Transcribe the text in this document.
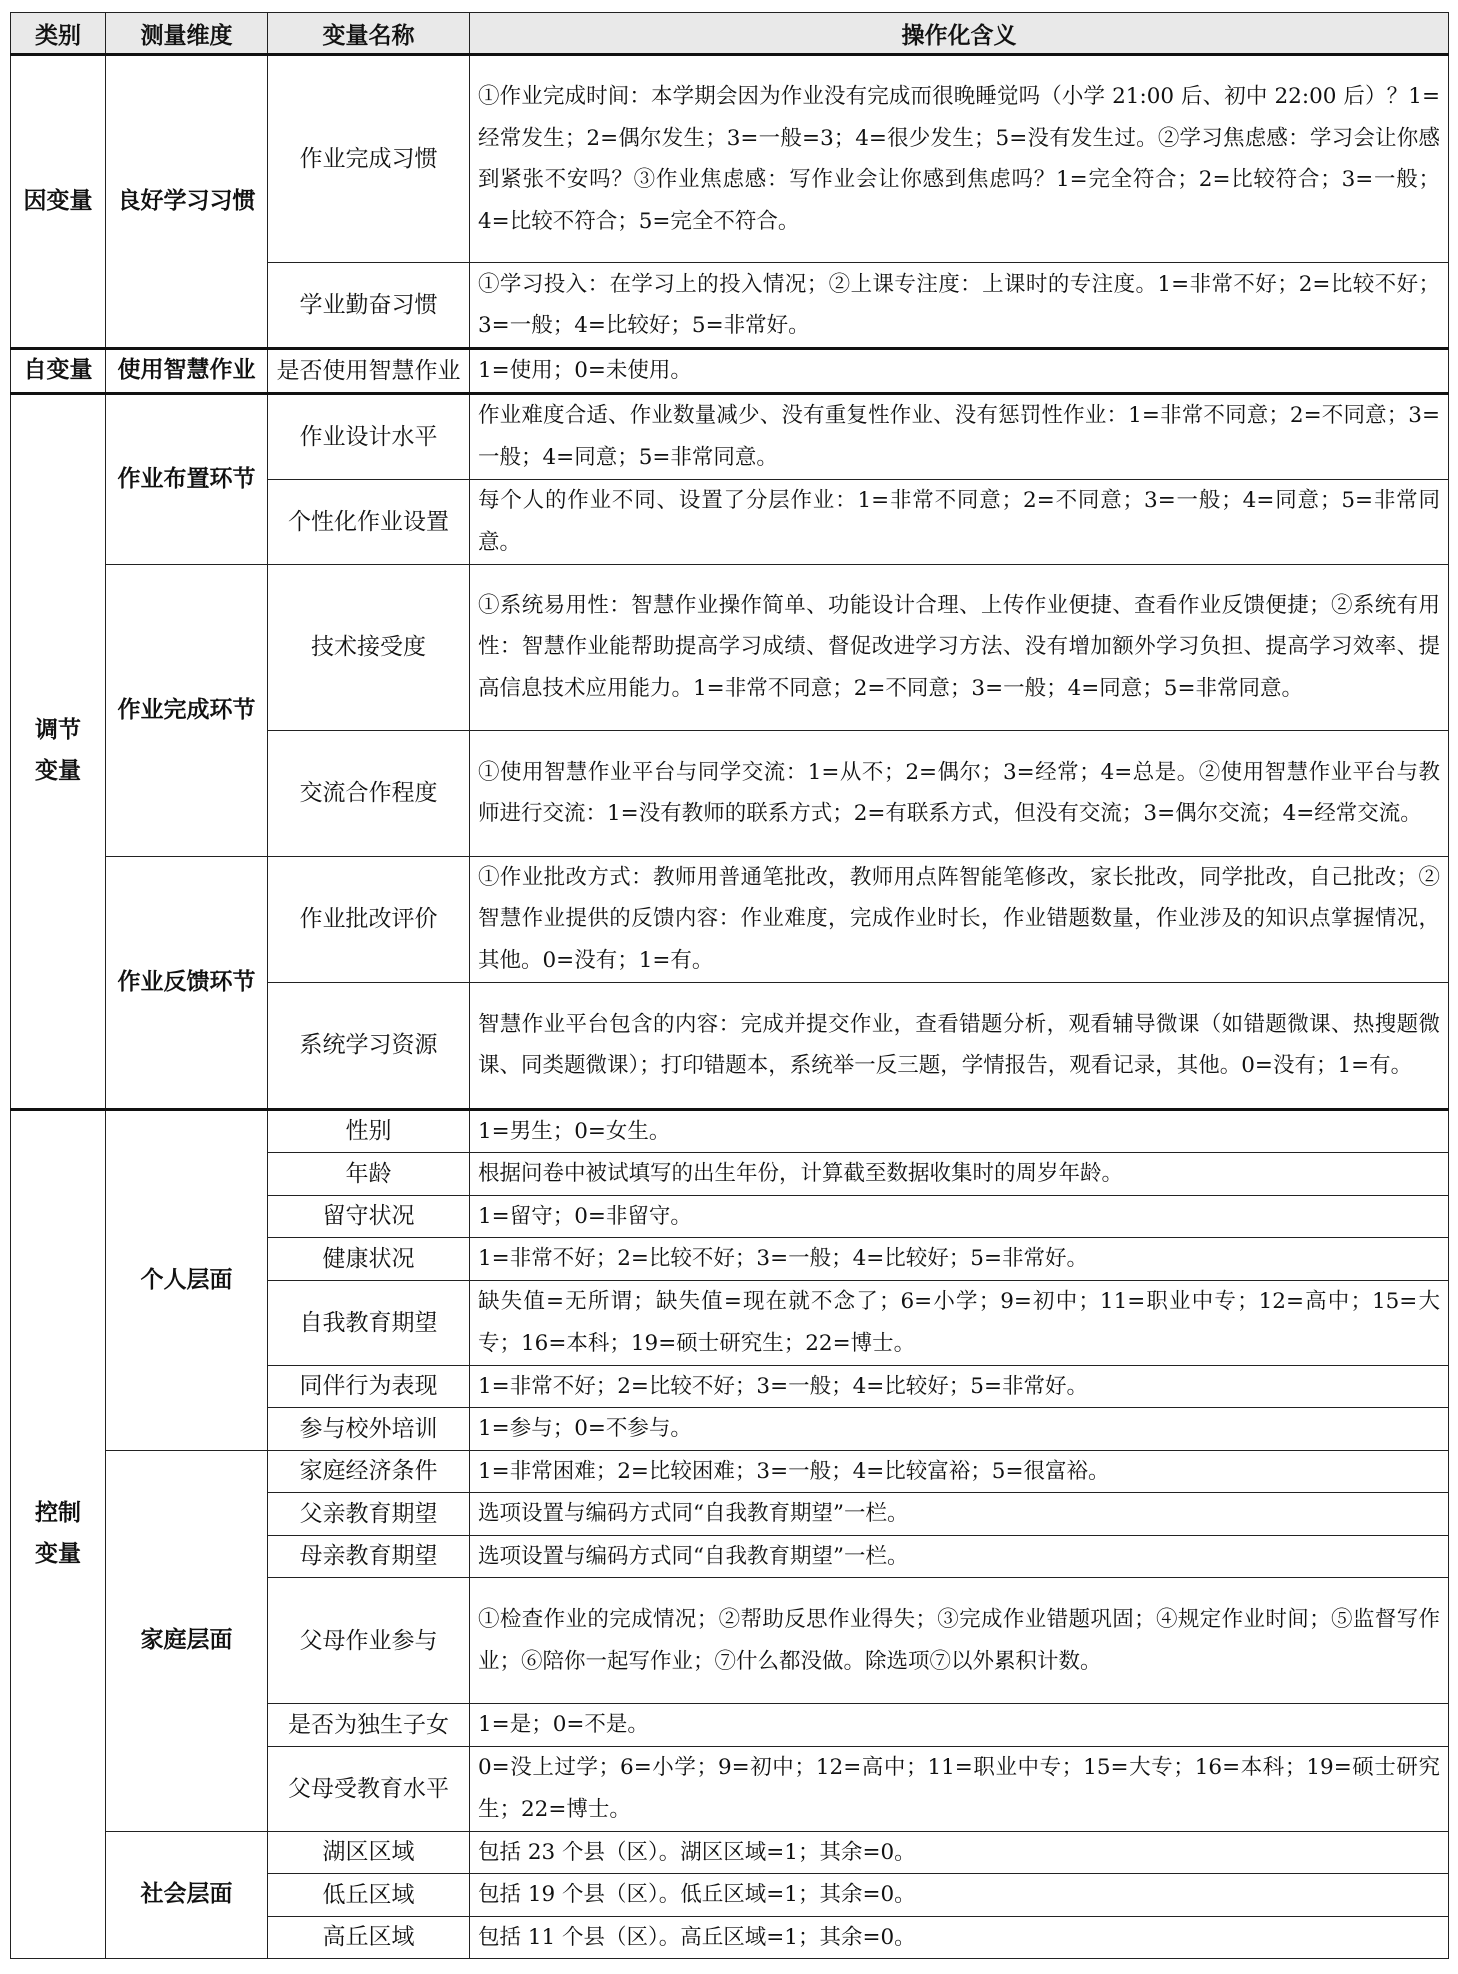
类别	测量维度	变量名称	操作化含义
因变量	良好学习习惯	作业完成习惯	①作业完成时间：本学期会因为作业没有完成而很晚睡觉吗（小学 21:00 后、初中 22:00 后）？1=经常发生；2=偶尔发生；3=一般=3；4=很少发生；5=没有发生过。②学习焦虑感：学习会让你感到紧张不安吗？③作业焦虑感：写作业会让你感到焦虑吗？1=完全符合；2=比较符合；3=一般；4=比较不符合；5=完全不符合。
		学业勤奋习惯	①学习投入：在学习上的投入情况；②上课专注度：上课时的专注度。1=非常不好；2=比较不好；3=一般；4=比较好；5=非常好。
自变量	使用智慧作业	是否使用智慧作业	1=使用；0=未使用。
调节变量	作业布置环节	作业设计水平	作业难度合适、作业数量减少、没有重复性作业、没有惩罚性作业：1=非常不同意；2=不同意；3=一般；4=同意；5=非常同意。
		个性化作业设置	每个人的作业不同、设置了分层作业：1=非常不同意；2=不同意；3=一般；4=同意；5=非常同意。
	作业完成环节	技术接受度	①系统易用性：智慧作业操作简单、功能设计合理、上传作业便捷、查看作业反馈便捷；②系统有用性：智慧作业能帮助提高学习成绩、督促改进学习方法、没有增加额外学习负担、提高学习效率、提高信息技术应用能力。1=非常不同意；2=不同意；3=一般；4=同意；5=非常同意。
		交流合作程度	①使用智慧作业平台与同学交流：1=从不；2=偶尔；3=经常；4=总是。②使用智慧作业平台与教师进行交流：1=没有教师的联系方式；2=有联系方式，但没有交流；3=偶尔交流；4=经常交流。
	作业反馈环节	作业批改评价	①作业批改方式：教师用普通笔批改，教师用点阵智能笔修改，家长批改，同学批改，自己批改；②智慧作业提供的反馈内容：作业难度，完成作业时长，作业错题数量，作业涉及的知识点掌握情况，其他。0=没有；1=有。
		系统学习资源	智慧作业平台包含的内容：完成并提交作业，查看错题分析，观看辅导微课（如错题微课、热搜题微课、同类题微课）；打印错题本，系统举一反三题，学情报告，观看记录，其他。0=没有；1=有。
控制变量	个人层面	性别	1=男生；0=女生。
		年龄	根据问卷中被试填写的出生年份，计算截至数据收集时的周岁年龄。
		留守状况	1=留守；0=非留守。
		健康状况	1=非常不好；2=比较不好；3=一般；4=比较好；5=非常好。
		自我教育期望	缺失值=无所谓；缺失值=现在就不念了；6=小学；9=初中；11=职业中专；12=高中；15=大专；16=本科；19=硕士研究生；22=博士。
		同伴行为表现	1=非常不好；2=比较不好；3=一般；4=比较好；5=非常好。
		参与校外培训	1=参与；0=不参与。
	家庭层面	家庭经济条件	1=非常困难；2=比较困难；3=一般；4=比较富裕；5=很富裕。
		父亲教育期望	选项设置与编码方式同“自我教育期望”一栏。
		母亲教育期望	选项设置与编码方式同“自我教育期望”一栏。
		父母作业参与	①检查作业的完成情况；②帮助反思作业得失；③完成作业错题巩固；④规定作业时间；⑤监督写作业；⑥陪你一起写作业；⑦什么都没做。除选项⑦以外累积计数。
		是否为独生子女	1=是；0=不是。
		父母受教育水平	0=没上过学；6=小学；9=初中；12=高中；11=职业中专；15=大专；16=本科；19=硕士研究生；22=博士。
	社会层面	湖区区域	包括 23 个县（区）。湖区区域=1；其余=0。
		低丘区域	包括 19 个县（区）。低丘区域=1；其余=0。
		高丘区域	包括 11 个县（区）。高丘区域=1；其余=0。
